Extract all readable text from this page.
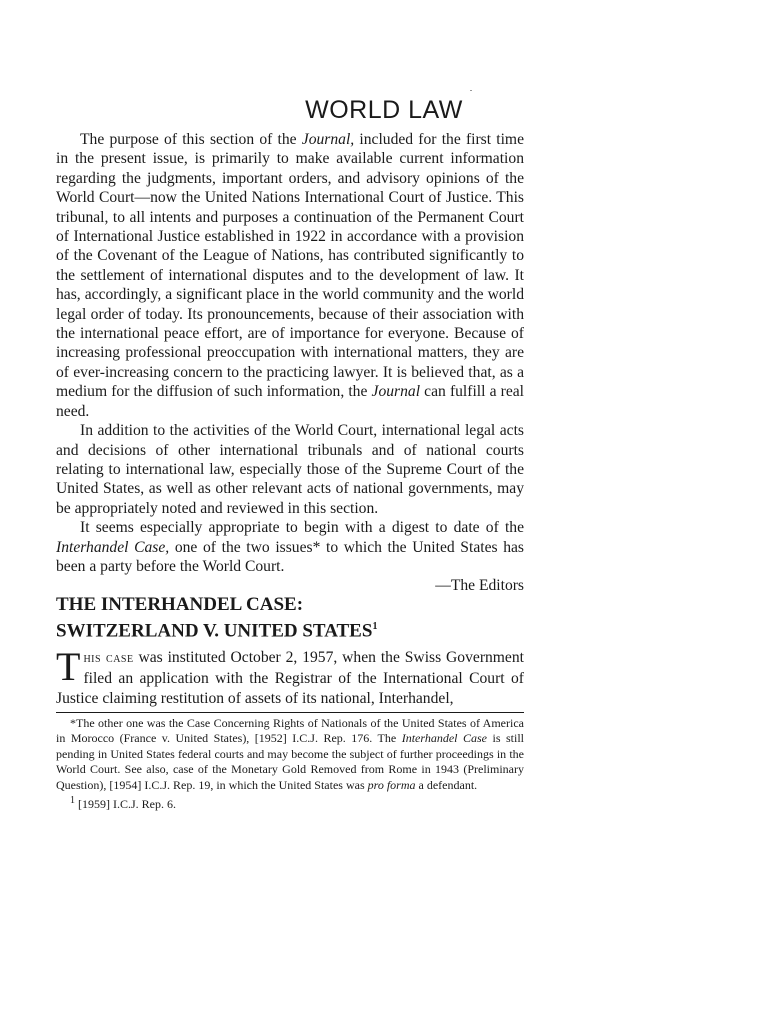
WORLD LAW

The purpose of this section of the Journal, included for the first time in the present issue, is primarily to make available current information regarding the judgments, important orders, and advisory opinions of the World Court—now the United Nations International Court of Justice. This tribunal, to all intents and purposes a continuation of the Permanent Court of International Justice established in 1922 in accordance with a provision of the Covenant of the League of Nations, has contributed significantly to the settlement of international disputes and to the development of law. It has, accordingly, a significant place in the world community and the world legal order of today. Its pronouncements, because of their association with the international peace effort, are of importance for everyone. Because of increasing professional preoccupation with international matters, they are of ever-increasing concern to the practicing lawyer. It is believed that, as a medium for the diffusion of such information, the Journal can fulfill a real need.

In addition to the activities of the World Court, international legal acts and decisions of other international tribunals and of national courts relating to international law, especially those of the Supreme Court of the United States, as well as other relevant acts of national governments, may be appropriately noted and reviewed in this section.

It seems especially appropriate to begin with a digest to date of the Interhandel Case, one of the two issues* to which the United States has been a party before the World Court.

—The Editors

THE INTERHANDEL CASE:
SWITZERLAND V. UNITED STATES$^1$

This case was instituted October 2, 1957, when the Swiss Government filed an application with the Registrar of the International Court of Justice claiming restitution of assets of its national, Interhandel,

*The other one was the Case Concerning Rights of Nationals of the United States of America in Morocco (France v. United States), [1952] I.C.J. Rep. 176. The Interhandel Case is still pending in United States federal courts and may become the subject of further proceedings in the World Court. See also, case of the Monetary Gold Removed from Rome in 1943 (Preliminary Question), [1954] I.C.J. Rep. 19, in which the United States was pro forma a defendant.

$^1$ [1959] I.C.J. Rep. 6.
